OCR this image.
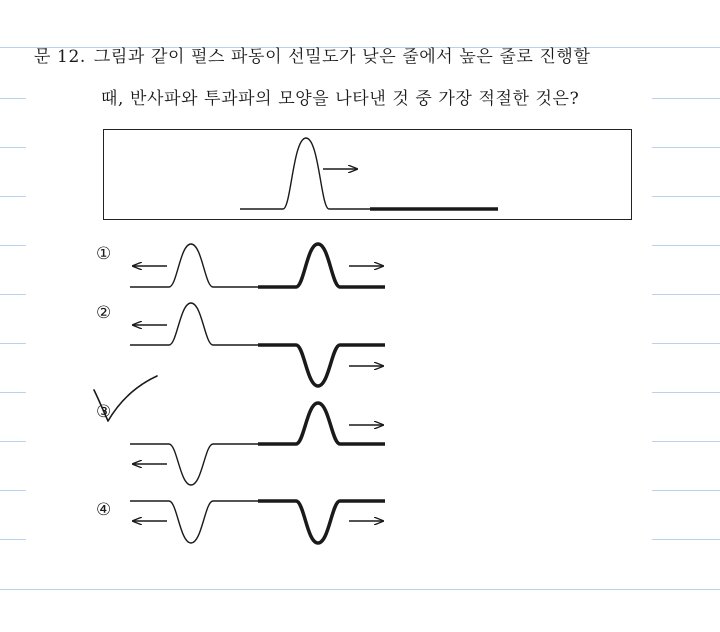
문 12. 그림과 같이 펄스 파동이 선밀도가 낮은 줄에서 높은 줄로 진행할
때, 반사파와 투과파의 모양을 나타낸 것 중 가장 적절한 것은?
①
②
③
④
